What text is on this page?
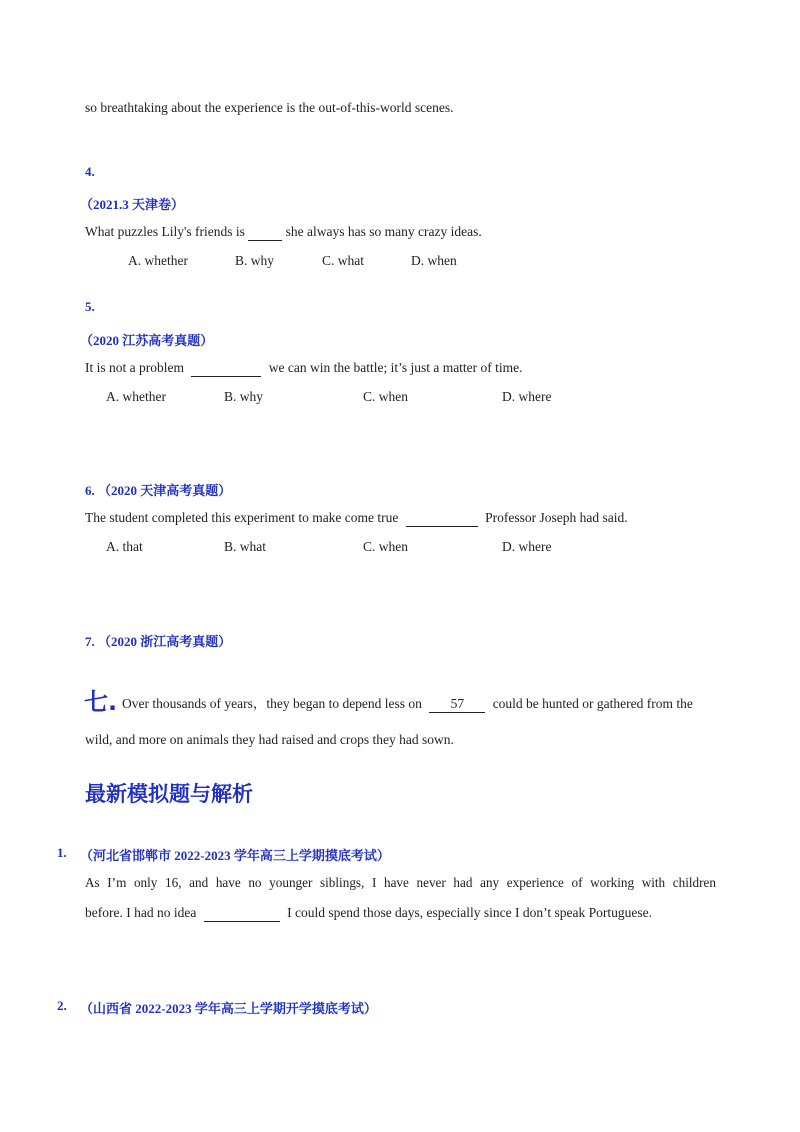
so breathtaking about the experience is the out-of-this-world scenes.
4.
（2021.3 天津卷）
What puzzles Lily's friends is	she always has so many crazy ideas.
A. whether	B. why	C. what	D. when
5.
（2020 江苏高考真题）
It is not a problem	we can win the battle; it’s just a matter of time.
A. whether	B. why	C. when	D. where
6. （2020 天津高考真题）
The student completed this experiment to make come true	Professor Joseph had said.
A. that	B. what	C. when	D. where
7. （2020 浙江高考真题）
七. Over thousands of years，they began to depend less on 57 could be hunted or gathered from the
wild, and more on animals they had raised and crops they had sown.
最新模拟题与解析
1. （河北省邯郸市 2022-2023 学年高三上学期摸底考试）
As I’m only 16, and have no younger siblings, I have never had any experience of working with children
before. I had no idea	I could spend those days, especially since I don’t speak Portuguese.
2. （山西省 2022-2023 学年高三上学期开学摸底考试）
